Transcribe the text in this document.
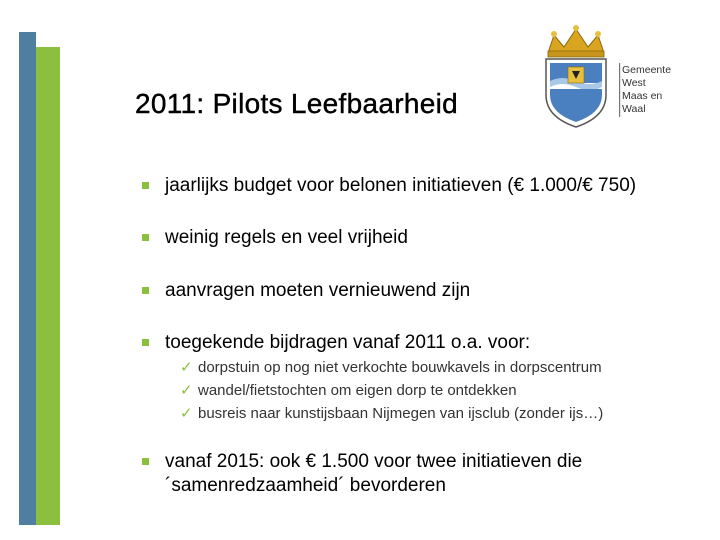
2011: Pilots Leefbaarheid
Gemeente
West
Maas en
Waal
jaarlijks budget voor belonen initiatieven (€ 1.000/€ 750)
weinig regels en veel vrijheid
aanvragen moeten vernieuwend zijn
toegekende bijdragen vanaf 2011 o.a. voor:
✓ dorpstuin op nog niet verkochte bouwkavels in dorpscentrum
✓ wandel/fietstochten om eigen dorp te ontdekken
✓ busreis naar kunstijsbaan Nijmegen van ijsclub (zonder ijs…)
vanaf 2015: ook € 1.500 voor twee initiatieven die
´samenredzaamheid´ bevorderen
